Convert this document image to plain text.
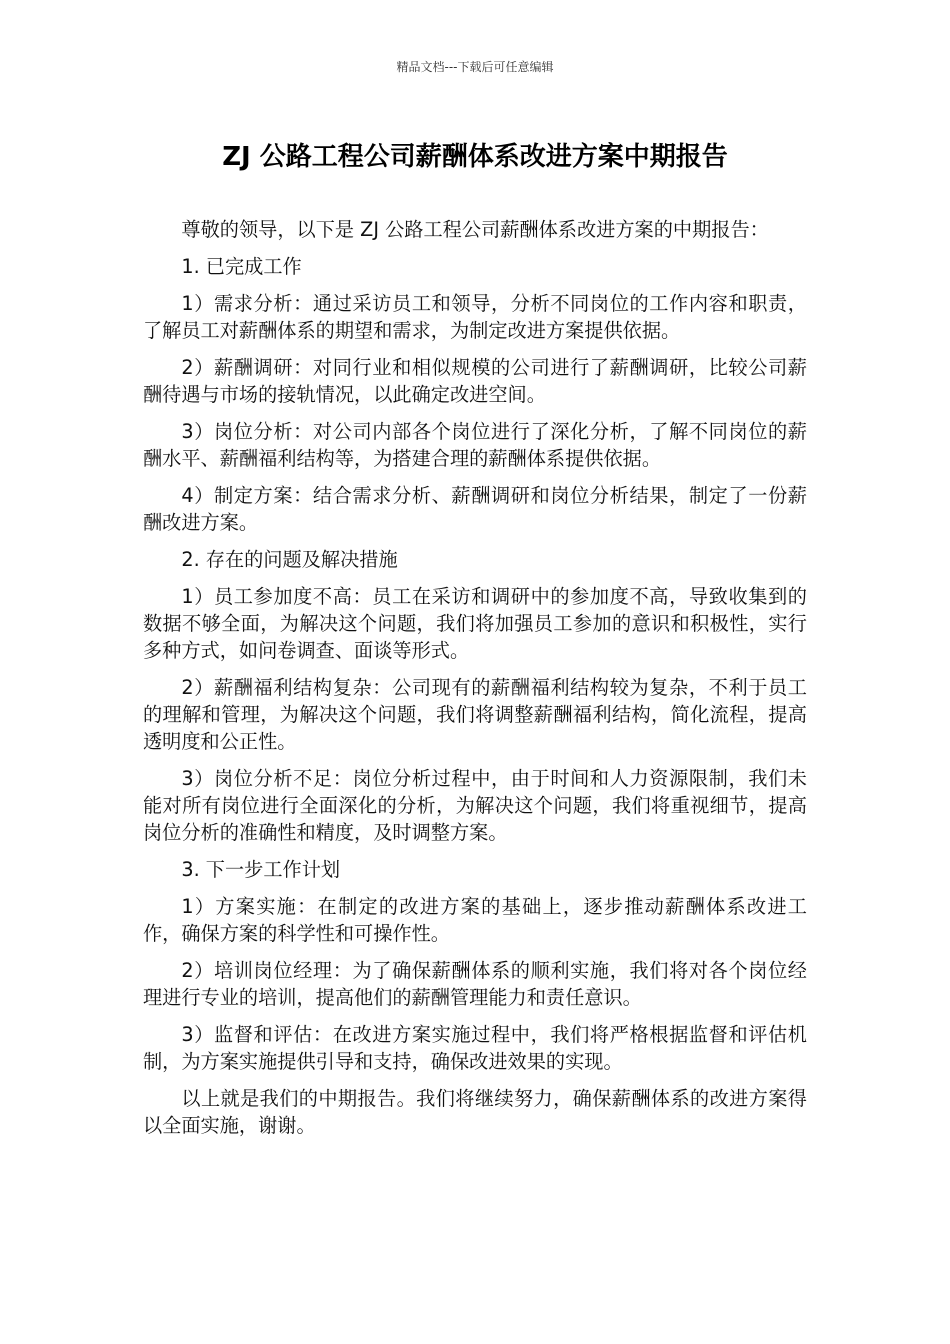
精品文档---下载后可任意编辑
ZJ 公路工程公司薪酬体系改进方案中期报告

尊敬的领导，以下是 ZJ 公路工程公司薪酬体系改进方案的中期报告：

1. 已完成工作

1）需求分析：通过采访员工和领导，分析不同岗位的工作内容和职责，了解员工对薪酬体系的期望和需求，为制定改进方案提供依据。

2）薪酬调研：对同行业和相似规模的公司进行了薪酬调研，比较公司薪酬待遇与市场的接轨情况，以此确定改进空间。

3）岗位分析：对公司内部各个岗位进行了深化分析，了解不同岗位的薪酬水平、薪酬福利结构等，为搭建合理的薪酬体系提供依据。

4）制定方案：结合需求分析、薪酬调研和岗位分析结果，制定了一份薪酬改进方案。

2. 存在的问题及解决措施

1）员工参加度不高：员工在采访和调研中的参加度不高，导致收集到的数据不够全面，为解决这个问题，我们将加强员工参加的意识和积极性，实行多种方式，如问卷调查、面谈等形式。

2）薪酬福利结构复杂：公司现有的薪酬福利结构较为复杂，不利于员工的理解和管理，为解决这个问题，我们将调整薪酬福利结构，简化流程，提高透明度和公正性。

3）岗位分析不足：岗位分析过程中，由于时间和人力资源限制，我们未能对所有岗位进行全面深化的分析，为解决这个问题，我们将重视细节，提高岗位分析的准确性和精度，及时调整方案。

3. 下一步工作计划

1）方案实施：在制定的改进方案的基础上，逐步推动薪酬体系改进工作，确保方案的科学性和可操作性。

2）培训岗位经理：为了确保薪酬体系的顺利实施，我们将对各个岗位经理进行专业的培训，提高他们的薪酬管理能力和责任意识。

3）监督和评估：在改进方案实施过程中，我们将严格根据监督和评估机制，为方案实施提供引导和支持，确保改进效果的实现。

以上就是我们的中期报告。我们将继续努力，确保薪酬体系的改进方案得以全面实施，谢谢。
